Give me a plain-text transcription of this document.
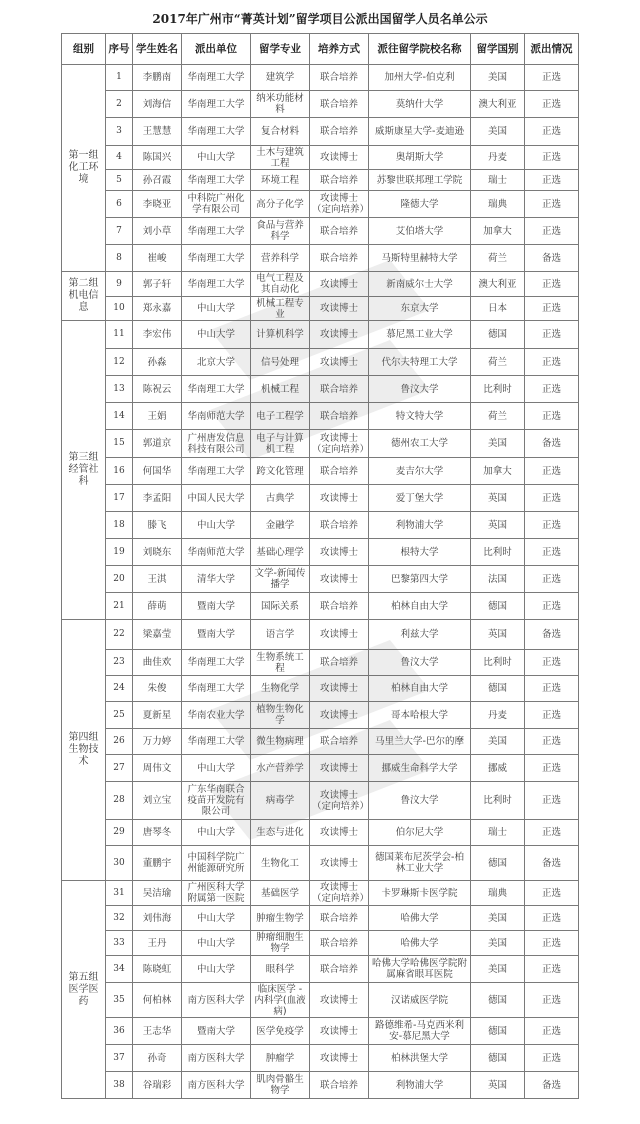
2017年广州市“菁英计划”留学项目公派出国留学人员名单公示
组别	序号	学生姓名	派出单位	留学专业	培养方式	派往留学院校名称	留学国别	派出情况
第一组化工环境	1	李鹏南	华南理工大学	建筑学	联合培养	加州大学-伯克利	美国	正选
	2	刘海信	华南理工大学	纳米功能材料	联合培养	莫纳什大学	澳大利亚	正选
	3	王慧慧	华南理工大学	复合材料	联合培养	威斯康星大学-麦迪逊	美国	正选
	4	陈国兴	中山大学	土木与建筑工程	攻读博士	奥胡斯大学	丹麦	正选
	5	孙召霞	华南理工大学	环境工程	联合培养	苏黎世联邦理工学院	瑞士	正选
	6	李晓亚	中科院广州化学有限公司	高分子化学	攻读博士（定向培养）	隆德大学	瑞典	正选
	7	刘小草	华南理工大学	食品与营养科学	联合培养	艾伯塔大学	加拿大	正选
	8	崔峻	华南理工大学	营养科学	联合培养	马斯特里赫特大学	荷兰	备选
第二组机电信息	9	郭子轩	华南理工大学	电气工程及其自动化	攻读博士	新南威尔士大学	澳大利亚	正选
	10	郑永嘉	中山大学	机械工程专业	攻读博士	东京大学	日本	正选
第三组经管社科	11	李宏伟	中山大学	计算机科学	攻读博士	慕尼黑工业大学	德国	正选
	12	孙淼	北京大学	信号处理	攻读博士	代尔夫特理工大学	荷兰	正选
	13	陈祝云	华南理工大学	机械工程	联合培养	鲁汶大学	比利时	正选
	14	王娟	华南师范大学	电子工程学	联合培养	特文特大学	荷兰	正选
	15	郭道京	广州唐发信息科技有限公司	电子与计算机工程	攻读博士（定向培养）	德州农工大学	美国	备选
	16	何国华	华南理工大学	跨文化管理	联合培养	麦吉尔大学	加拿大	正选
	17	李孟阳	中国人民大学	古典学	攻读博士	爱丁堡大学	英国	正选
	18	滕飞	中山大学	金融学	联合培养	利物浦大学	英国	正选
	19	刘晓东	华南师范大学	基础心理学	攻读博士	根特大学	比利时	正选
	20	王淇	清华大学	文学-新闻传播学	攻读博士	巴黎第四大学	法国	正选
	21	薛萌	暨南大学	国际关系	联合培养	柏林自由大学	德国	正选
第四组 生物技术	22	梁嘉莹	暨南大学	语言学	攻读博士	利兹大学	英国	备选
	23	曲佳欢	华南理工大学	生物系统工程	联合培养	鲁汶大学	比利时	正选
	24	朱俊	华南理工大学	生物化学	攻读博士	柏林自由大学	德国	正选
	25	夏新星	华南农业大学	植物生物化学	攻读博士	哥本哈根大学	丹麦	正选
	26	万力婷	华南理工大学	微生物病理	联合培养	马里兰大学-巴尔的摩	美国	正选
	27	周伟文	中山大学	水产营养学	攻读博士	挪威生命科学大学	挪威	正选
	28	刘立宝	广东华南联合疫苗开发院有限公司	病毒学	攻读博士（定向培养）	鲁汶大学	比利时	正选
	29	唐琴冬	中山大学	生态与进化	攻读博士	伯尔尼大学	瑞士	正选
	30	董鹏宇	中国科学院广州能源研究所	生物化工	攻读博士	德国莱布尼茨学会-柏林工业大学	德国	备选
第五组医学医药	31	吴洁瑜	广州医科大学附属第一医院	基础医学	攻读博士（定向培养）	卡罗琳斯卡医学院	瑞典	正选
	32	刘伟海	中山大学	肿瘤生物学	联合培养	哈佛大学	美国	正选
	33	王丹	中山大学	肿瘤细胞生物学	联合培养	哈佛大学	美国	正选
	34	陈晓虹	中山大学	眼科学	联合培养	哈佛大学哈佛医学院附属麻省眼耳医院	美国	正选
	35	何柏林	南方医科大学	临床医学 - 内科学(血液病)	攻读博士	汉诺威医学院	德国	正选
	36	王志华	暨南大学	医学免疫学	攻读博士	路德维希-马克西米利安-慕尼黑大学	德国	正选
	37	孙奇	南方医科大学	肿瘤学	攻读博士	柏林洪堡大学	德国	正选
	38	谷瑞彩	南方医科大学	肌肉骨骼生物学	联合培养	利物浦大学	英国	备选
